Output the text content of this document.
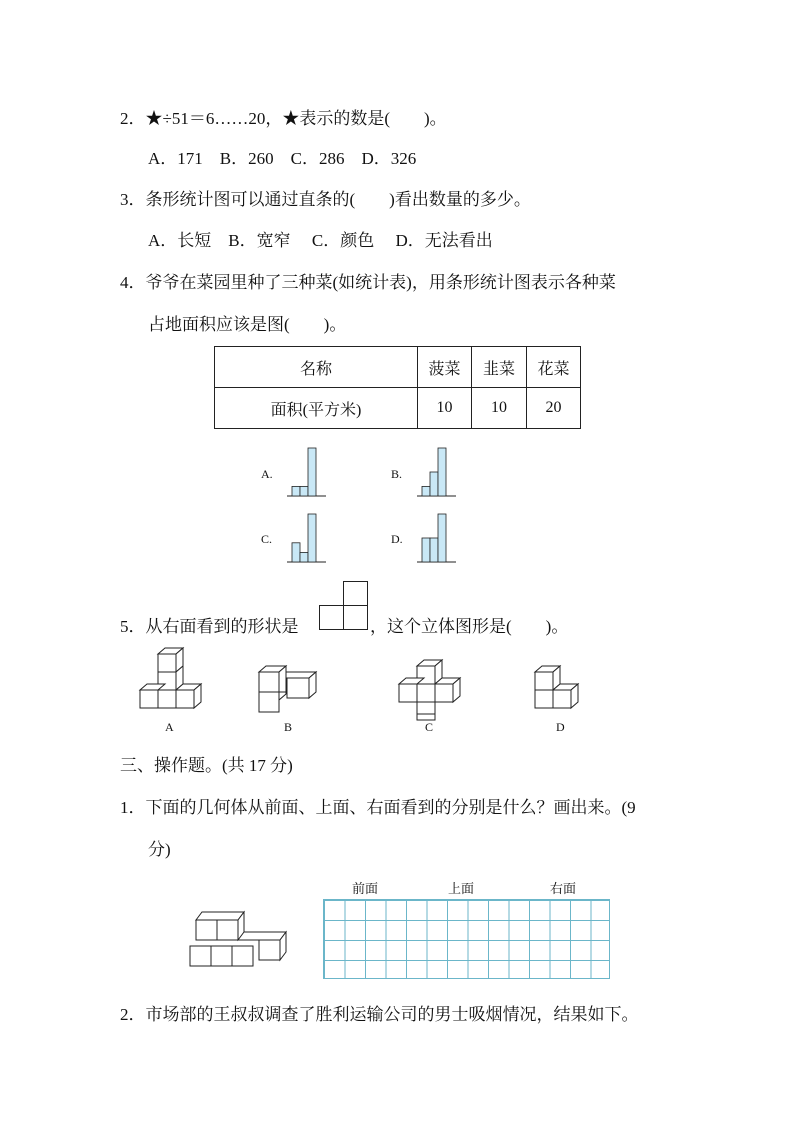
2．★÷51＝6……20，★表示的数是(　　)。
A．171　B．260　C．286　D．326
3．条形统计图可以通过直条的(　　)看出数量的多少。
A．长短　B．宽窄　 C．颜色　 D．无法看出
4．爷爷在菜园里种了三种菜(如统计表)，用条形统计图表示各种菜
占地面积应该是图(　　)。
名称	菠菜	韭菜	花菜
面积(平方米)	10	10	20
A.	B.
C.	D.
5．从右面看到的形状是	，这个立体图形是(　　)。
A	B	C	D
三、操作题。(共 17 分)
1．下面的几何体从前面、上面、右面看到的分别是什么？画出来。(9
分)
前面	上面	右面
2．市场部的王叔叔调查了胜利运输公司的男士吸烟情况，结果如下。
